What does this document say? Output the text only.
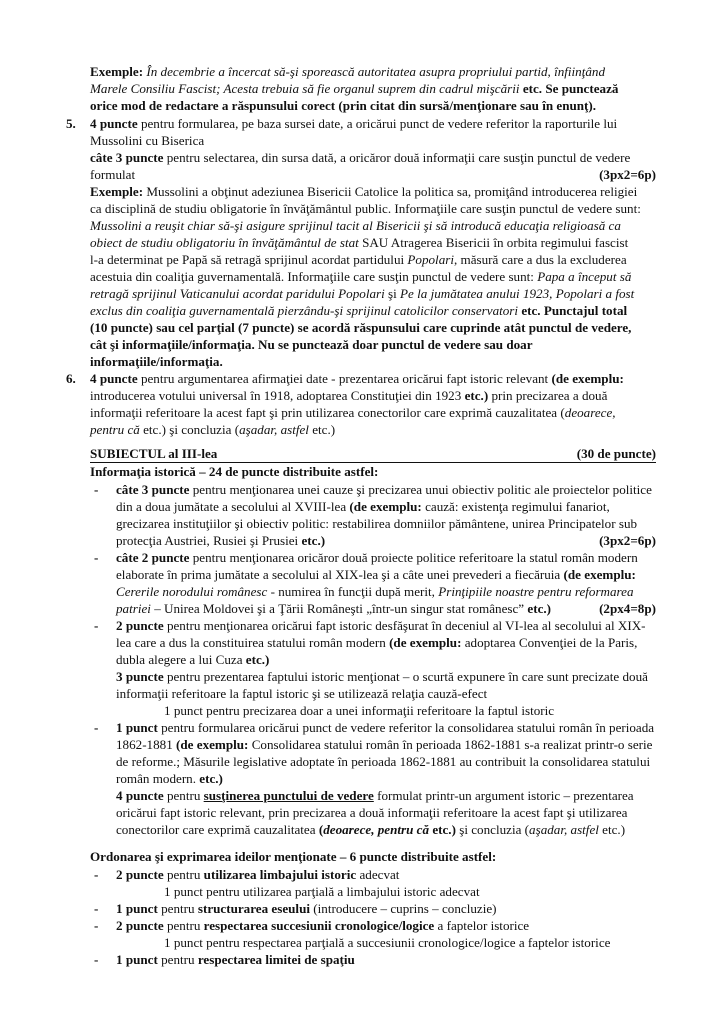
Exemple: În decembrie a încercat să-şi sporească autoritatea asupra propriului partid, înfiinţând
Marele Consiliu Fascist; Acesta trebuia să fie organul suprem din cadrul mişcării etc. Se punctează
orice mod de redactare a răspunsului corect (prin citat din sursă/menţionare sau în enunţ).
5. 4 puncte pentru formularea, pe baza sursei date, a oricărui punct de vedere referitor la raporturile lui
Mussolini cu Biserica
câte 3 puncte pentru selectarea, din sursa dată, a oricăror două informaţii care susţin punctul de vedere
formulat	(3px2=6p)
Exemple: Mussolini a obţinut adeziunea Bisericii Catolice la politica sa, promiţând introducerea religiei
ca disciplină de studiu obligatorie în învăţământul public. Informaţiile care susţin punctul de vedere sunt:
Mussolini a reuşit chiar să-şi asigure sprijinul tacit al Bisericii şi să introducă educaţia religioasă ca
obiect de studiu obligatoriu în învăţământul de stat SAU Atragerea Bisericii în orbita regimului fascist
l-a determinat pe Papă să retragă sprijinul acordat partidului Popolari, măsură care a dus la excluderea
acestuia din coaliţia guvernamentală. Informaţiile care susţin punctul de vedere sunt: Papa a început să
retragă sprijinul Vaticanului acordat paridului Popolari şi Pe la jumătatea anului 1923, Popolari a fost
exclus din coaliţia guvernamentală pierzându-şi sprijinul catolicilor conservatori etc. Punctajul total
(10 puncte) sau cel parţial (7 puncte) se acordă răspunsului care cuprinde atât punctul de vedere,
cât şi informaţiile/informaţia. Nu se punctează doar punctul de vedere sau doar
informaţiile/informaţia.
6. 4 puncte pentru argumentarea afirmaţiei date - prezentarea oricărui fapt istoric relevant (de exemplu:
introducerea votului universal în 1918, adoptarea Constituţiei din 1923 etc.) prin precizarea a două
informaţii referitoare la acest fapt şi prin utilizarea conectorilor care exprimă cauzalitatea (deoarece,
pentru că etc.) şi concluzia (aşadar, astfel etc.)
SUBIECTUL al III-lea	(30 de puncte)
Informaţia istorică – 24 de puncte distribuite astfel:
- câte 3 puncte pentru menţionarea unei cauze şi precizarea unui obiectiv politic ale proiectelor politice
din a doua jumătate a secolului al XVIII-lea (de exemplu: cauză: existenţa regimului fanariot,
grecizarea instituţiilor şi obiectiv politic: restabilirea domniilor pământene, unirea Principatelor sub
protecţia Austriei, Rusiei şi Prusiei etc.)	(3px2=6p)
- câte 2 puncte pentru menţionarea oricăror două proiecte politice referitoare la statul român modern
elaborate în prima jumătate a secolului al XIX-lea şi a câte unei prevederi a fiecăruia (de exemplu:
Cererile norodului românesc - numirea în funcţii după merit, Prinţipiile noastre pentru reformarea
patriei – Unirea Moldovei şi a Ţării Româneşti „într-un singur stat românesc” etc.)	(2px4=8p)
- 2 puncte pentru menţionarea oricărui fapt istoric desfăşurat în deceniul al VI-lea al secolului al XIX-
lea care a dus la constituirea statului român modern (de exemplu: adoptarea Convenţiei de la Paris,
dubla alegere a lui Cuza etc.)
3 puncte pentru prezentarea faptului istoric menţionat – o scurtă expunere în care sunt precizate două
informaţii referitoare la faptul istoric şi se utilizează relaţia cauză-efect
1 punct pentru precizarea doar a unei informaţii referitoare la faptul istoric
- 1 punct pentru formularea oricărui punct de vedere referitor la consolidarea statului român în perioada
1862-1881 (de exemplu: Consolidarea statului român în perioada 1862-1881 s-a realizat printr-o serie
de reforme.; Măsurile legislative adoptate în perioada 1862-1881 au contribuit la consolidarea statului
român modern. etc.)
4 puncte pentru susţinerea punctului de vedere formulat printr-un argument istoric – prezentarea
oricărui fapt istoric relevant, prin precizarea a două informaţii referitoare la acest fapt şi utilizarea
conectorilor care exprimă cauzalitatea (deoarece, pentru că etc.) şi concluzia (aşadar, astfel etc.)
Ordonarea şi exprimarea ideilor menţionate – 6 puncte distribuite astfel:
- 2 puncte pentru utilizarea limbajului istoric adecvat
1 punct pentru utilizarea parţială a limbajului istoric adecvat
- 1 punct pentru structurarea eseului (introducere – cuprins – concluzie)
- 2 puncte pentru respectarea succesiunii cronologice/logice a faptelor istorice
1 punct pentru respectarea parţială a succesiunii cronologice/logice a faptelor istorice
- 1 punct pentru respectarea limitei de spaţiu
